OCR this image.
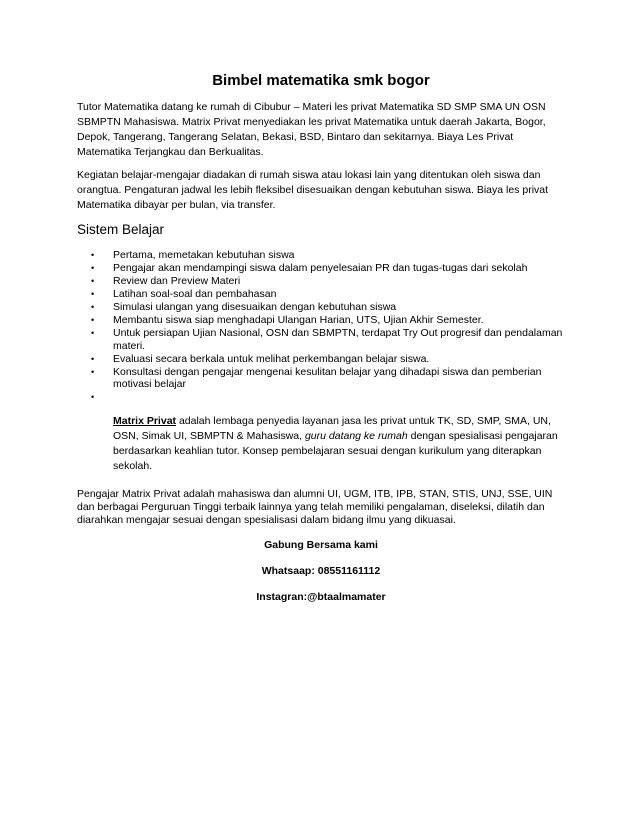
Bimbel matematika smk bogor

Tutor Matematika datang ke rumah di Cibubur – Materi les privat Matematika SD SMP SMA UN OSN SBMPTN Mahasiswa. Matrix Privat menyediakan les privat Matematika untuk daerah Jakarta, Bogor, Depok, Tangerang, Tangerang Selatan, Bekasi, BSD, Bintaro dan sekitarnya. Biaya Les Privat Matematika Terjangkau dan Berkualitas.

Kegiatan belajar-mengajar diadakan di rumah siswa atau lokasi lain yang ditentukan oleh siswa dan orangtua. Pengaturan jadwal les lebih fleksibel disesuaikan dengan kebutuhan siswa. Biaya les privat Matematika dibayar per bulan, via transfer.

Sistem Belajar
• Pertama, memetakan kebutuhan siswa
• Pengajar akan mendampingi siswa dalam penyelesaian PR dan tugas-tugas dari sekolah
• Review dan Preview Materi
• Latihan soal-soal dan pembahasan
• Simulasi ulangan yang disesuaikan dengan kebutuhan siswa
• Membantu siswa siap menghadapi Ulangan Harian, UTS, Ujian Akhir Semester.
• Untuk persiapan Ujian Nasional, OSN dan SBMPTN, terdapat Try Out progresif dan pendalaman materi.
• Evaluasi secara berkala untuk melihat perkembangan belajar siswa.
• Konsultasi dengan pengajar mengenai kesulitan belajar yang dihadapi siswa dan pemberian motivasi belajar
•
Matrix Privat adalah lembaga penyedia layanan jasa les privat untuk TK, SD, SMP, SMA, UN, OSN, Simak UI, SBMPTN & Mahasiswa, guru datang ke rumah dengan spesialisasi pengajaran berdasarkan keahlian tutor. Konsep pembelajaran sesuai dengan kurikulum yang diterapkan sekolah.

Pengajar Matrix Privat adalah mahasiswa dan alumni UI, UGM, ITB, IPB, STAN, STIS, UNJ, SSE, UIN dan berbagai Perguruan Tinggi terbaik lainnya yang telah memiliki pengalaman, diseleksi, dilatih dan diarahkan mengajar sesuai dengan spesialisasi dalam bidang ilmu yang dikuasai.

Gabung Bersama kami
Whatsaap: 08551161112
Instagran:@btaalmamater
